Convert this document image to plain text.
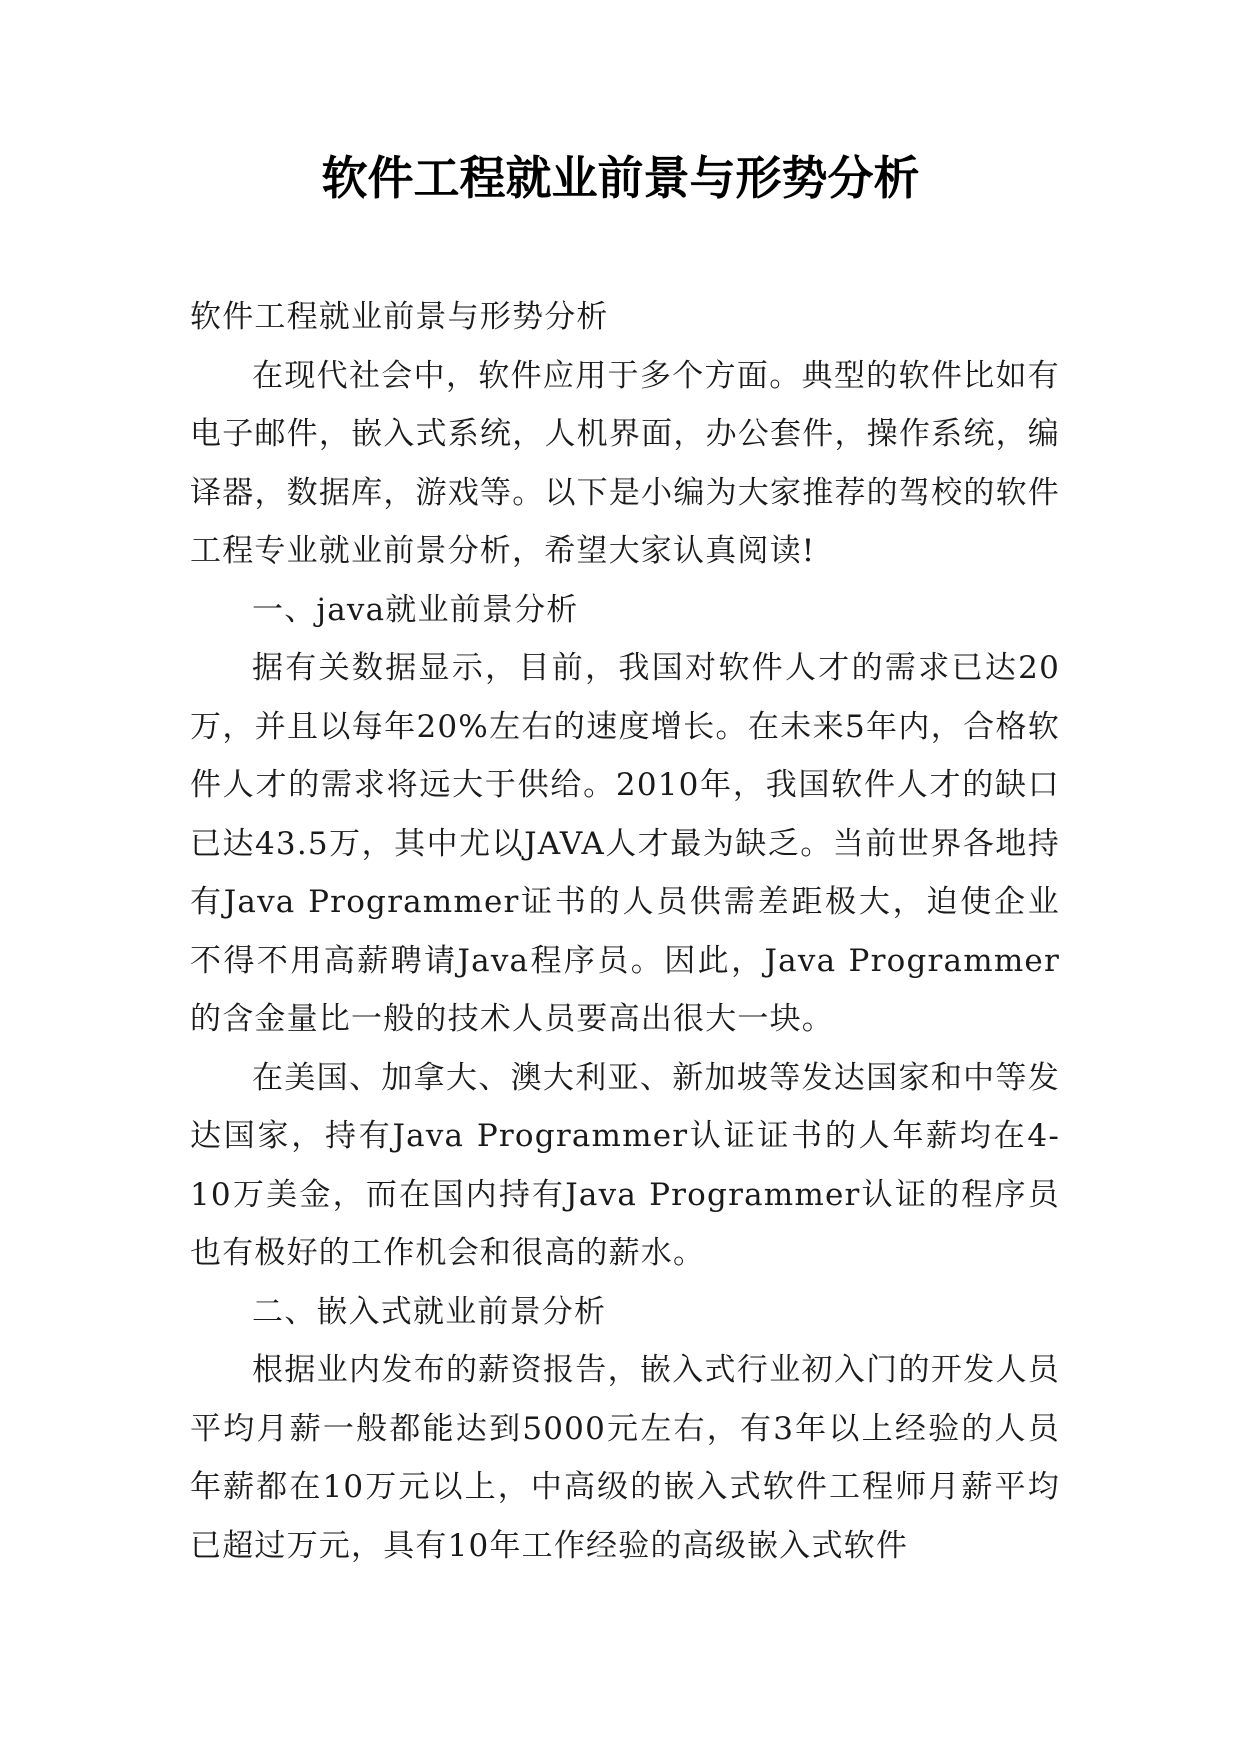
软件工程就业前景与形势分析

软件工程就业前景与形势分析

在现代社会中，软件应用于多个方面。典型的软件比如有电子邮件，嵌入式系统，人机界面，办公套件，操作系统，编译器，数据库，游戏等。以下是小编为大家推荐的驾校的软件工程专业就业前景分析，希望大家认真阅读!

一、java就业前景分析

据有关数据显示，目前，我国对软件人才的需求已达20万，并且以每年20%左右的速度增长。在未来5年内，合格软件人才的需求将远大于供给。2010年，我国软件人才的缺口已达43.5万，其中尤以JAVA人才最为缺乏。当前世界各地持有Java Programmer证书的人员供需差距极大，迫使企业不得不用高薪聘请Java程序员。因此，Java Programmer的含金量比一般的技术人员要高出很大一块。

在美国、加拿大、澳大利亚、新加坡等发达国家和中等发达国家，持有Java Programmer认证证书的人年薪均在4-10万美金，而在国内持有Java Programmer认证的程序员也有极好的工作机会和很高的薪水。

二、嵌入式就业前景分析

根据业内发布的薪资报告，嵌入式行业初入门的开发人员平均月薪一般都能达到5000元左右，有3年以上经验的人员年薪都在10万元以上，中高级的嵌入式软件工程师月薪平均已超过万元，具有10年工作经验的高级嵌入式软件
